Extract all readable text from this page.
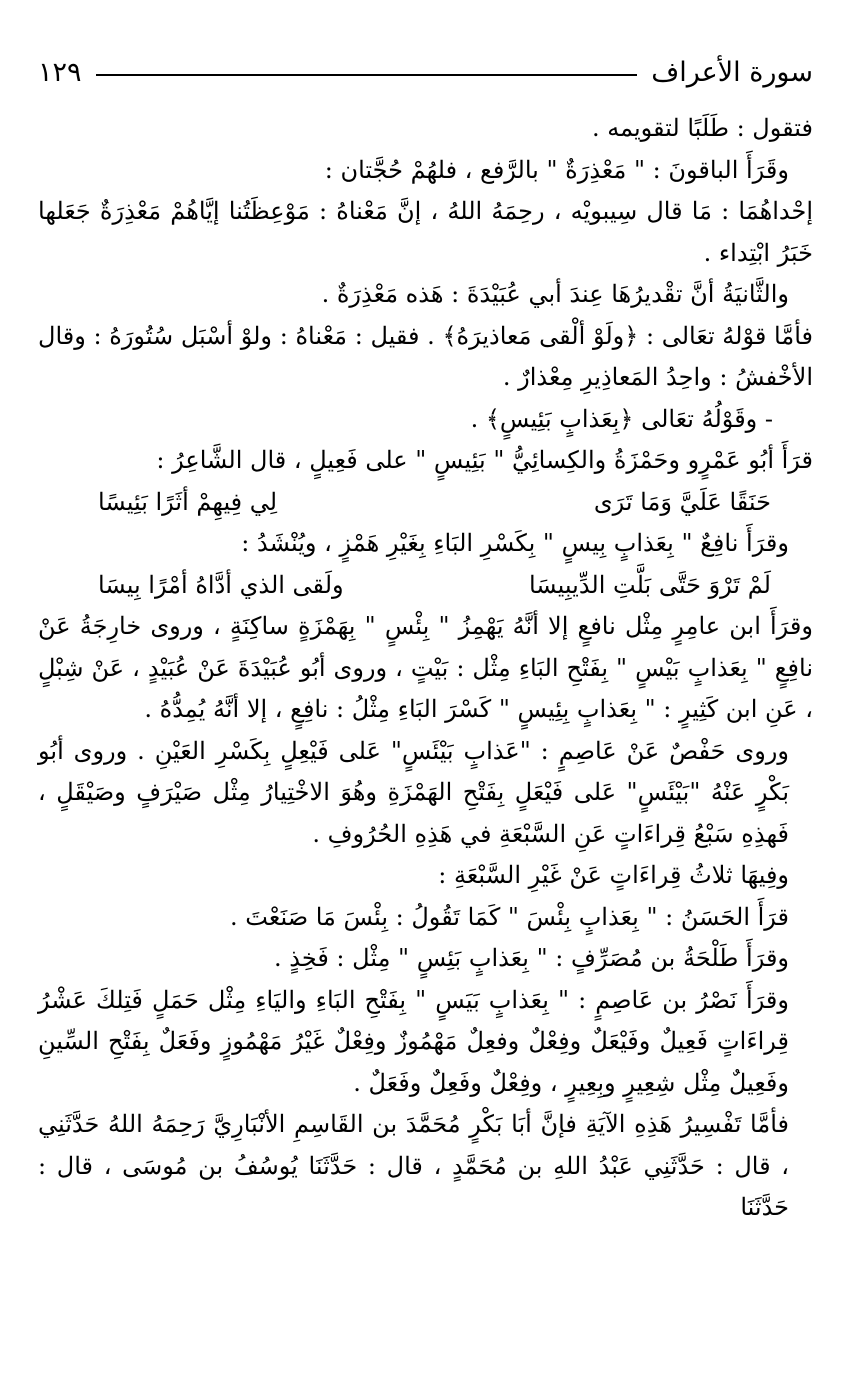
سورة الأعراف
١٢٩

فتقول : طَلَبًا لتقويمه .

وقَرَأَ الباقونَ : " مَعْذِرَةٌ " بالرَّفع ، فلهُمْ حُجَّتان :

إحْداهُمَا : مَا قال سِيبويْه ، رحِمَهُ اللهُ ، إنَّ مَعْناهُ : مَوْعِظَتُنا إيَّاهُمْ مَعْذِرَةٌ جَعَلها خَبَرُ ابْتِداء .

والثَّانيَةُ أنَّ تقْديرُهَا عِندَ أبي عُبَيْدَةَ : هَذه مَعْذِرَةٌ .

فأمَّا قوْلهُ تعَالى : ﴿ولَوْ ألْقى مَعاذيرَهُ﴾ . فقيل : مَعْناهُ : ولوْ أسْبَل سُتُورَهُ : وقال الأخْفشُ : واحِدُ المَعاذِيرِ مِعْذارٌ .

- وقَوْلُهُ تعَالى ﴿بِعَذابٍ بَئِيسٍ﴾ .

قرَأَ أبُو عَمْرٍو وحَمْزَةُ والكِسائِيُّ " بَئِيسٍ " على فَعِيلٍ ، قال الشَّاعِرُ :

حَنَقًا عَلَيَّ وَمَا تَرَى
لِي فِيهِمْ أثَرًا بَئِيسًا

وقرَأَ نافِعٌ " بِعَذابٍ بِيسٍ " بِكَسْرِ البَاءِ بِغَيْرِ هَمْزٍ ، ويُنْشَدُ :

لَمْ تَرْوَ حَتَّى بَلَّتِ الدِّيبِيسَا
ولَقى الذي أدَّاهُ أمْرًا بِيسَا

وقرَأَ ابن عامِرٍ مِثْل نافعٍ إلا أنَّهُ يَهْمِزُ " بِئْسٍ " بِهَمْزَةٍ ساكِنَةٍ ، وروى خارِجَةُ عَنْ نافِعٍ " بِعَذابٍ بَيْسٍ " بِفَتْحِ البَاءِ مِثْل : بَيْتٍ ، وروى أبُو عُبَيْدَةَ عَنْ عُبَيْدٍ ، عَنْ شِبْلٍ ، عَنِ ابن كَثِيرٍ : " بِعَذابٍ بِئِيسٍ " كَسْرَ البَاءِ مِثْلُ : نافِعٍ ، إلا أنَّهُ يُمِدُّهُ .

وروى حَفْصٌ عَنْ عَاصِمٍ : "عَذابٍ بَيْئَسٍ" عَلى فَيْعِلٍ بِكَسْرِ العَيْنِ . وروى أبُو بَكْرٍ عَنْهُ "بَيْئَسٍ" عَلى فَيْعَلٍ بِفَتْحِ الهَمْزَةِ وهُوَ الاخْتِيارُ مِثْل صَيْرَفٍ وصَيْقَلٍ ، فَهذِهِ سَبْعُ قِراءَاتٍ عَنِ السَّبْعَةِ في هَذِهِ الحُرُوفِ .

وفِيهَا ثلاثُ قِراءَاتٍ عَنْ غَيْرِ السَّبْعَةِ :

قرَأَ الحَسَنُ : " بِعَذابٍ بِئْسَ " كَمَا تَقُولُ : بِئْسَ مَا صَنَعْتَ .

وقرَأَ طَلْحَةُ بن مُصَرِّفٍ : " بِعَذابٍ بَئِسٍ " مِثْل : فَخِذٍ .

وقرَأَ نَصْرُ بن عَاصِمٍ : " بِعَذابٍ بَيَسٍ " بِفَتْحِ البَاءِ واليَاءِ مِثْل حَمَلٍ فَتِلكَ عَشْرُ قِراءَاتٍ فَعِيلٌ وفَيْعَلٌ وفِعْلٌ وفعِلٌ مَهْمُوزٌ وفِعْلٌ غَيْرُ مَهْمُوزٍ وفَعَلٌ بِفَتْحِ السِّينِ وفَعِيلٌ مِثْل شِعِيرٍ وبِعِيرٍ ، وفِعْلٌ وفَعِلٌ وفَعَلٌ .

فأمَّا تَفْسِيرُ هَذِهِ الآيَةِ فإنَّ أبَا بَكْرٍ مُحَمَّدَ بن القَاسِمِ الأنْبَارِيَّ رَحِمَهُ اللهُ حَدَّثَنِي ، قال : حَدَّثَنِي عَبْدُ اللهِ بن مُحَمَّدٍ ، قال : حَدَّثَنَا يُوسُفُ بن مُوسَى ، قال : حَدَّثَنَا
